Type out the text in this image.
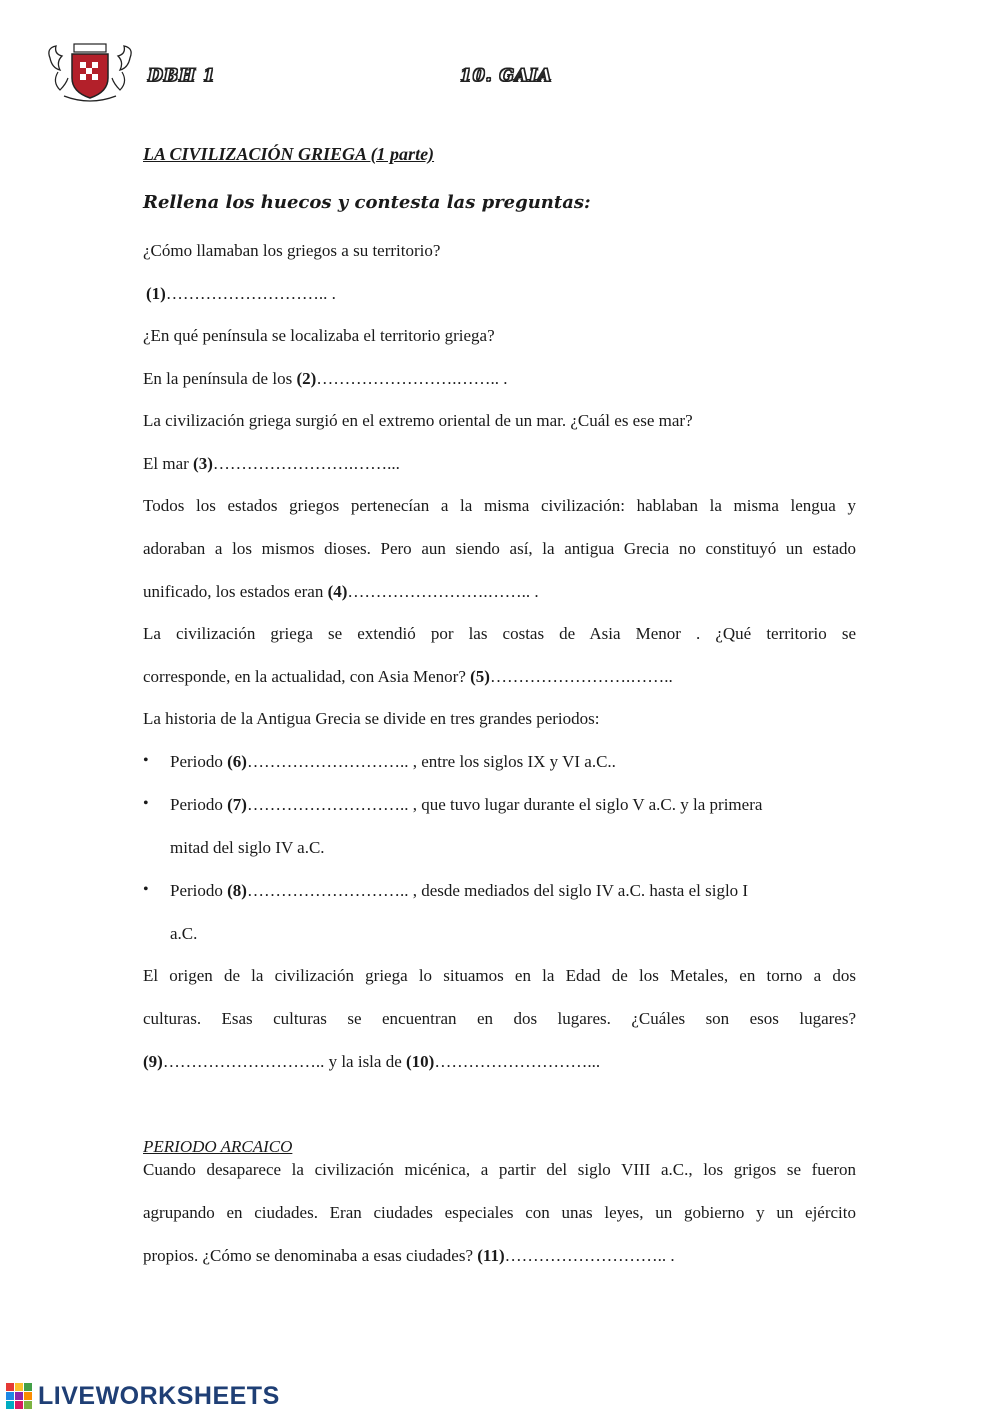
DBH 1	10. GAIA
LA CIVILIZACIÓN GRIEGA (1 parte)
Rellena los huecos y contesta las preguntas:
¿Cómo llamaban los griegos a su territorio?
(1)……………………….. .
¿En qué península se localizaba el territorio griega?
En la península de los (2)…………………….…….. .
La civilización griega surgió en el extremo oriental de un mar. ¿Cuál es ese mar?
El mar (3)…………………….……...
Todos los estados griegos pertenecían a la misma civilización: hablaban la misma lengua y
adoraban a los mismos dioses. Pero aun siendo así, la antigua Grecia no constituyó un estado
unificado, los estados eran (4)…………………….…….. .
La civilización griega se extendió por las costas de Asia Menor . ¿Qué territorio se
corresponde, en la actualidad, con Asia Menor? (5)…………………….……..
La historia de la Antigua Grecia se divide en tres grandes periodos:
• Periodo (6)……………………….. , entre los siglos IX y VI a.C..
• Periodo (7)……………………….. , que tuvo lugar durante el siglo V a.C. y la primera
mitad del siglo IV a.C.
• Periodo (8)……………………….. , desde mediados del siglo IV a.C. hasta el siglo I
a.C.
El origen de la civilización griega lo situamos en la Edad de los Metales, en torno a dos
culturas. Esas culturas se encuentran en dos lugares. ¿Cuáles son esos lugares?
(9)……………………….. y la isla de (10)………………………...
PERIODO ARCAICO
Cuando desaparece la civilización micénica, a partir del siglo VIII a.C., los grigos se fueron
agrupando en ciudades. Eran ciudades especiales con unas leyes, un gobierno y un ejército
propios. ¿Cómo se denominaba a esas ciudades? (11)……………………….. .
LIVEWORKSHEETS
